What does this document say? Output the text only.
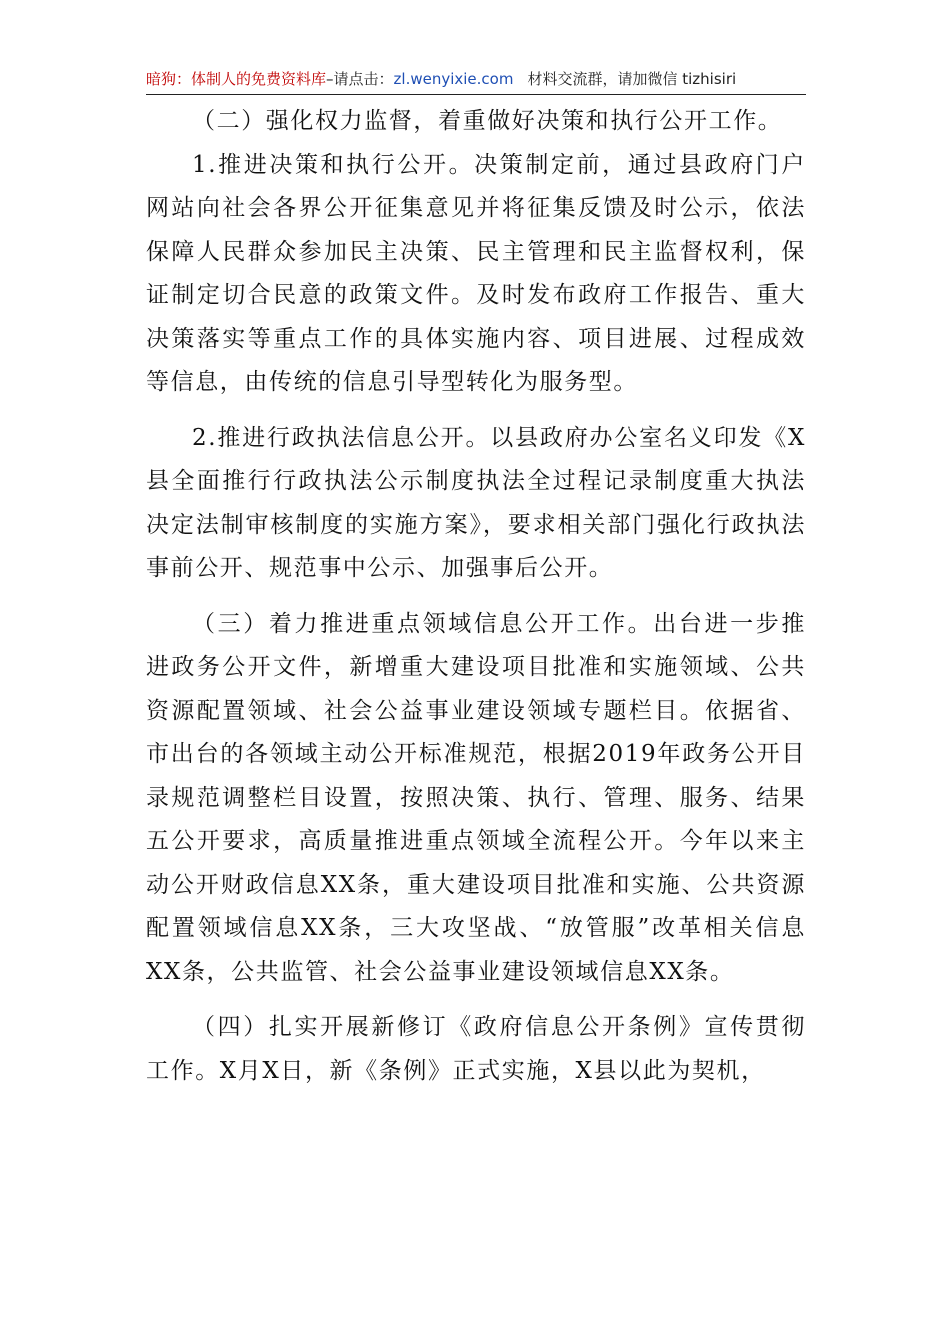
暗狗：体制人的免费资料库–请点击：zl.wenyixie.com 材料交流群，请加微信 tizhisiri

（二）强化权力监督，着重做好决策和执行公开工作。

1.推进决策和执行公开。决策制定前，通过县政府门户网站向社会各界公开征集意见并将征集反馈及时公示，依法保障人民群众参加民主决策、民主管理和民主监督权利，保证制定切合民意的政策文件。及时发布政府工作报告、重大决策落实等重点工作的具体实施内容、项目进展、过程成效等信息，由传统的信息引导型转化为服务型。

2.推进行政执法信息公开。以县政府办公室名义印发《X县全面推行行政执法公示制度执法全过程记录制度重大执法决定法制审核制度的实施方案》，要求相关部门强化行政执法事前公开、规范事中公示、加强事后公开。

（三）着力推进重点领域信息公开工作。出台进一步推进政务公开文件，新增重大建设项目批准和实施领域、公共资源配置领域、社会公益事业建设领域专题栏目。依据省、市出台的各领域主动公开标准规范，根据2019年政务公开目录规范调整栏目设置，按照决策、执行、管理、服务、结果五公开要求，高质量推进重点领域全流程公开。今年以来主动公开财政信息XX条，重大建设项目批准和实施、公共资源配置领域信息XX条，三大攻坚战、“放管服”改革相关信息XX条，公共监管、社会公益事业建设领域信息XX条。

（四）扎实开展新修订《政府信息公开条例》宣传贯彻工作。X月X日，新《条例》正式实施，X县以此为契机，
